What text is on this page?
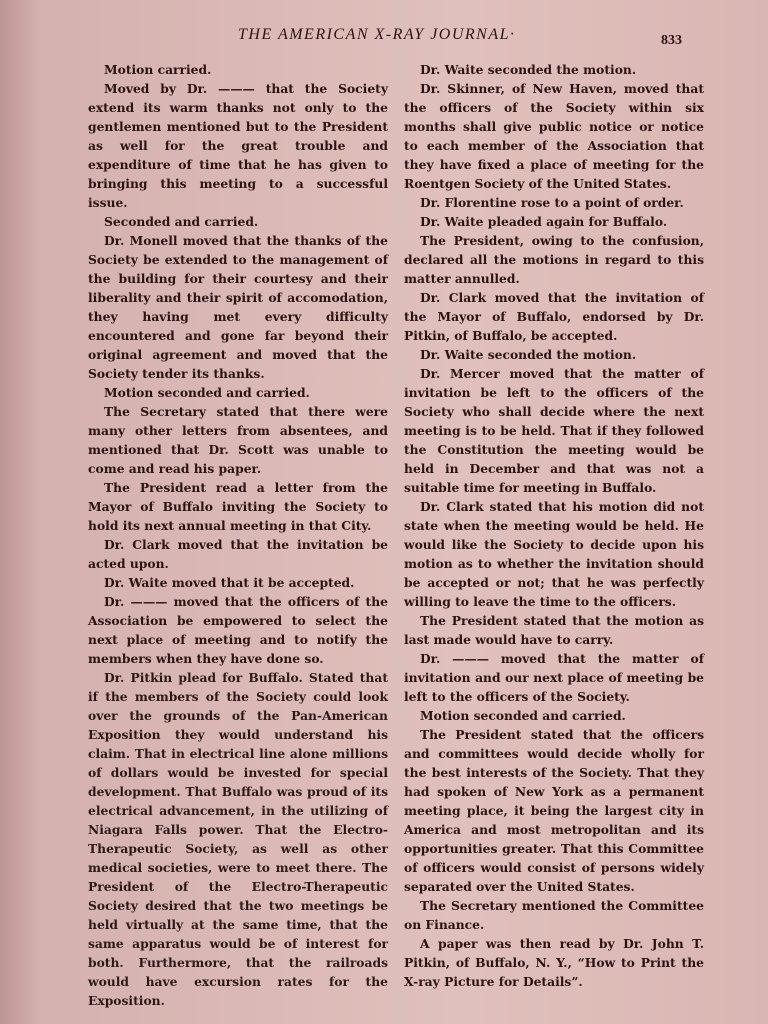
THE AMERICAN X-RAY JOURNAL·	833

Motion carried.

Moved by Dr. ——— that the Society extend its warm thanks not only to the gentlemen mentioned but to the President as well for the great trouble and expenditure of time that he has given to bringing this meeting to a successful issue.

Seconded and carried.

Dr. Monell moved that the thanks of the Society be extended to the management of the building for their courtesy and their liberality and their spirit of accomodation, they having met every difficulty encountered and gone far beyond their original agreement and moved that the Society tender its thanks.

Motion seconded and carried.

The Secretary stated that there were many other letters from absentees, and mentioned that Dr. Scott was unable to come and read his paper.

The President read a letter from the Mayor of Buffalo inviting the Society to hold its next annual meeting in that City.

Dr. Clark moved that the invitation be acted upon.

Dr. Waite moved that it be accepted.

Dr. ——— moved that the officers of the Association be empowered to select the next place of meeting and to notify the members when they have done so.

Dr. Pitkin plead for Buffalo. Stated that if the members of the Society could look over the grounds of the Pan-American Exposition they would understand his claim. That in electrical line alone millions of dollars would be invested for special development. That Buffalo was proud of its electrical advancement, in the utilizing of Niagara Falls power. That the Electro-Therapeutic Society, as well as other medical societies, were to meet there. The President of the Electro-Therapeutic Society desired that the two meetings be held virtually at the same time, that the same apparatus would be of interest for both. Furthermore, that the railroads would have excursion rates for the Exposition.

Dr. Waite seconded the motion.

Dr. Skinner, of New Haven, moved that the officers of the Society within six months shall give public notice or notice to each member of the Association that they have fixed a place of meeting for the Roentgen Society of the United States.

Dr. Florentine rose to a point of order.

Dr. Waite pleaded again for Buffalo.

The President, owing to the confusion, declared all the motions in regard to this matter annulled.

Dr. Clark moved that the invitation of the Mayor of Buffalo, endorsed by Dr. Pitkin, of Buffalo, be accepted.

Dr. Waite seconded the motion.

Dr. Mercer moved that the matter of invitation be left to the officers of the Society who shall decide where the next meeting is to be held. That if they followed the Constitution the meeting would be held in December and that was not a suitable time for meeting in Buffalo.

Dr. Clark stated that his motion did not state when the meeting would be held. He would like the Society to decide upon his motion as to whether the invitation should be accepted or not; that he was perfectly willing to leave the time to the officers.

The President stated that the motion as last made would have to carry.

Dr. ——— moved that the matter of invitation and our next place of meeting be left to the officers of the Society.

Motion seconded and carried.

The President stated that the officers and committees would decide wholly for the best interests of the Society. That they had spoken of New York as a permanent meeting place, it being the largest city in America and most metropolitan and its opportunities greater. That this Committee of officers would consist of persons widely separated over the United States.

The Secretary mentioned the Committee on Finance.

A paper was then read by Dr. John T. Pitkin, of Buffalo, N. Y., “How to Print the X-ray Picture for Details”.
